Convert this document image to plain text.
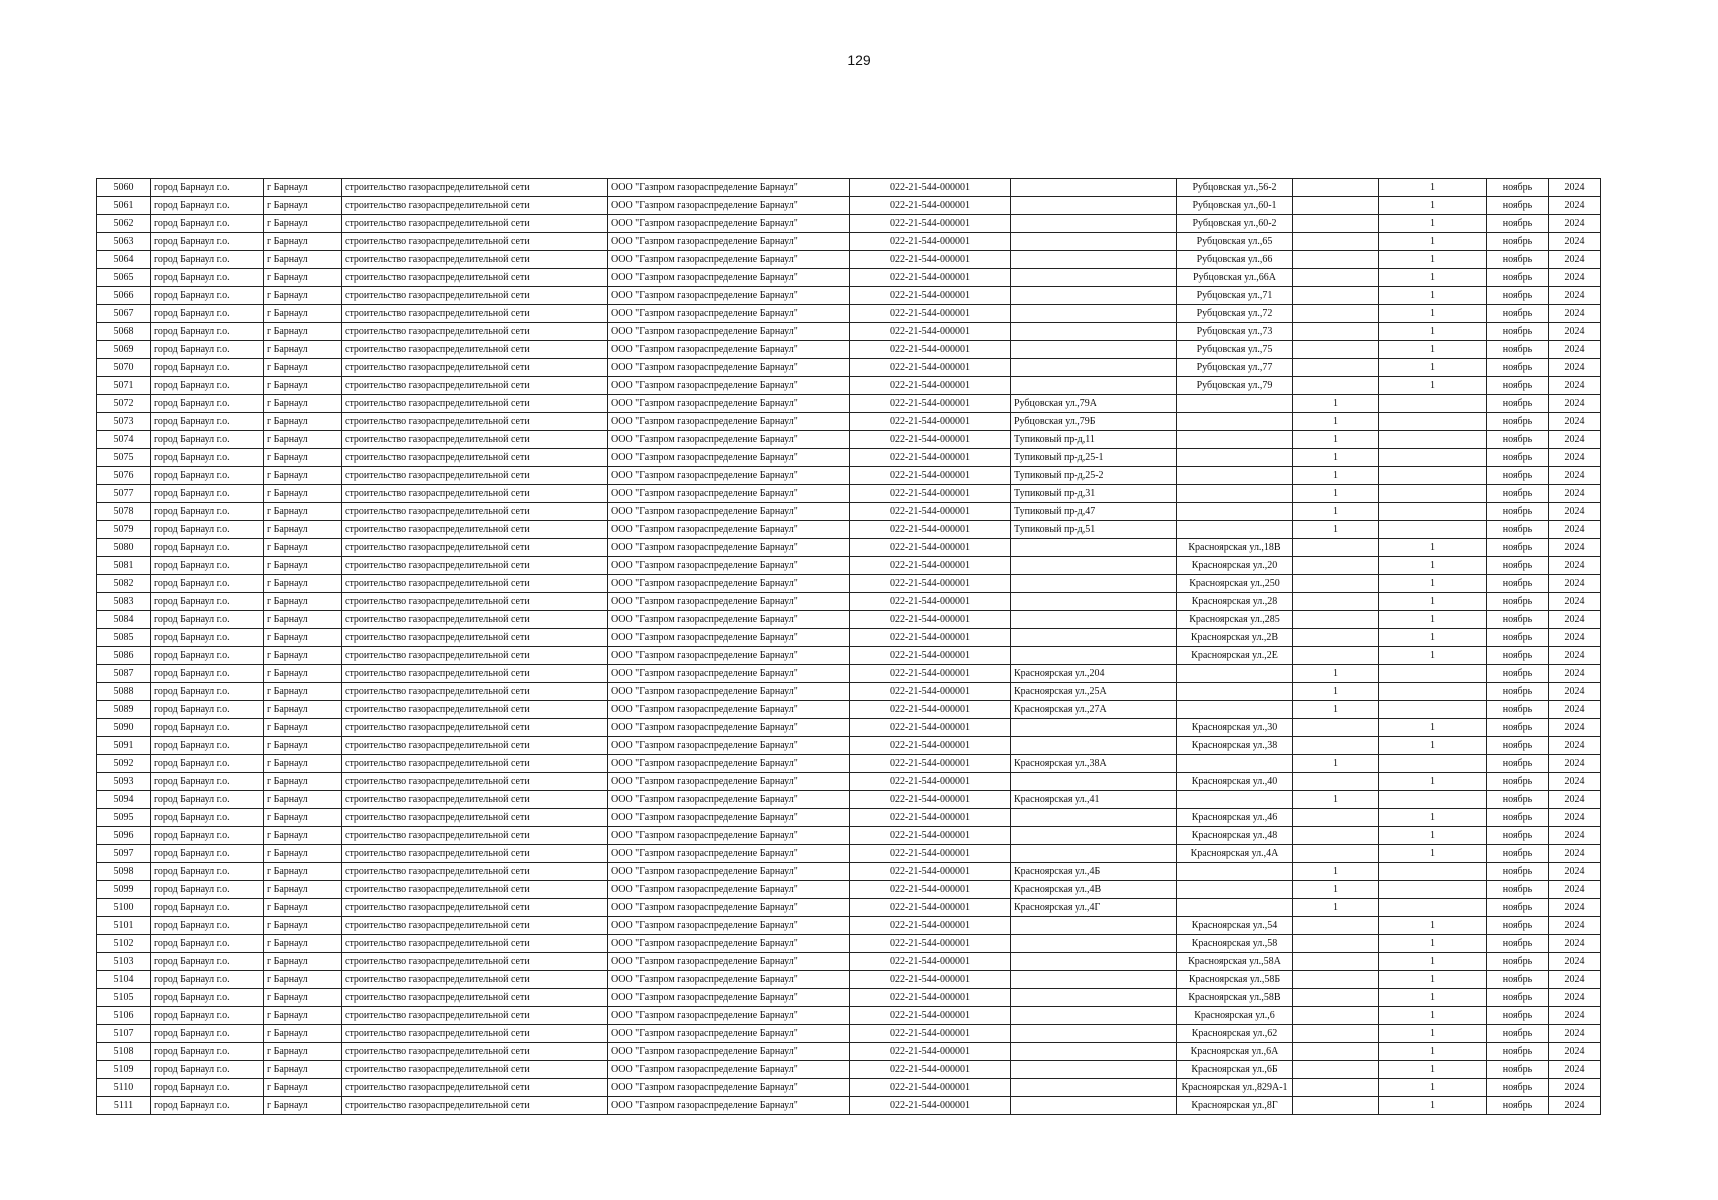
129
5060	город Барнаул г.о.	г Барнаул	строительство газораспределительной сети	ООО "Газпром газораспределение Барнаул"	022-21-544-000001		Рубцовская ул.,56-2		1	ноябрь	2024
5061	город Барнаул г.о.	г Барнаул	строительство газораспределительной сети	ООО "Газпром газораспределение Барнаул"	022-21-544-000001		Рубцовская ул.,60-1		1	ноябрь	2024
5062	город Барнаул г.о.	г Барнаул	строительство газораспределительной сети	ООО "Газпром газораспределение Барнаул"	022-21-544-000001		Рубцовская ул.,60-2		1	ноябрь	2024
5063	город Барнаул г.о.	г Барнаул	строительство газораспределительной сети	ООО "Газпром газораспределение Барнаул"	022-21-544-000001		Рубцовская ул.,65		1	ноябрь	2024
5064	город Барнаул г.о.	г Барнаул	строительство газораспределительной сети	ООО "Газпром газораспределение Барнаул"	022-21-544-000001		Рубцовская ул.,66		1	ноябрь	2024
5065	город Барнаул г.о.	г Барнаул	строительство газораспределительной сети	ООО "Газпром газораспределение Барнаул"	022-21-544-000001		Рубцовская ул.,66А		1	ноябрь	2024
5066	город Барнаул г.о.	г Барнаул	строительство газораспределительной сети	ООО "Газпром газораспределение Барнаул"	022-21-544-000001		Рубцовская ул.,71		1	ноябрь	2024
5067	город Барнаул г.о.	г Барнаул	строительство газораспределительной сети	ООО "Газпром газораспределение Барнаул"	022-21-544-000001		Рубцовская ул.,72		1	ноябрь	2024
5068	город Барнаул г.о.	г Барнаул	строительство газораспределительной сети	ООО "Газпром газораспределение Барнаул"	022-21-544-000001		Рубцовская ул.,73		1	ноябрь	2024
5069	город Барнаул г.о.	г Барнаул	строительство газораспределительной сети	ООО "Газпром газораспределение Барнаул"	022-21-544-000001		Рубцовская ул.,75		1	ноябрь	2024
5070	город Барнаул г.о.	г Барнаул	строительство газораспределительной сети	ООО "Газпром газораспределение Барнаул"	022-21-544-000001		Рубцовская ул.,77		1	ноябрь	2024
5071	город Барнаул г.о.	г Барнаул	строительство газораспределительной сети	ООО "Газпром газораспределение Барнаул"	022-21-544-000001		Рубцовская ул.,79		1	ноябрь	2024
5072	город Барнаул г.о.	г Барнаул	строительство газораспределительной сети	ООО "Газпром газораспределение Барнаул"	022-21-544-000001	Рубцовская ул.,79А		1		ноябрь	2024
5073	город Барнаул г.о.	г Барнаул	строительство газораспределительной сети	ООО "Газпром газораспределение Барнаул"	022-21-544-000001	Рубцовская ул.,79Б		1		ноябрь	2024
5074	город Барнаул г.о.	г Барнаул	строительство газораспределительной сети	ООО "Газпром газораспределение Барнаул"	022-21-544-000001	Тупиковый пр-д,11		1		ноябрь	2024
5075	город Барнаул г.о.	г Барнаул	строительство газораспределительной сети	ООО "Газпром газораспределение Барнаул"	022-21-544-000001	Тупиковый пр-д,25-1		1		ноябрь	2024
5076	город Барнаул г.о.	г Барнаул	строительство газораспределительной сети	ООО "Газпром газораспределение Барнаул"	022-21-544-000001	Тупиковый пр-д,25-2		1		ноябрь	2024
5077	город Барнаул г.о.	г Барнаул	строительство газораспределительной сети	ООО "Газпром газораспределение Барнаул"	022-21-544-000001	Тупиковый пр-д,31		1		ноябрь	2024
5078	город Барнаул г.о.	г Барнаул	строительство газораспределительной сети	ООО "Газпром газораспределение Барнаул"	022-21-544-000001	Тупиковый пр-д,47		1		ноябрь	2024
5079	город Барнаул г.о.	г Барнаул	строительство газораспределительной сети	ООО "Газпром газораспределение Барнаул"	022-21-544-000001	Тупиковый пр-д,51		1		ноябрь	2024
5080	город Барнаул г.о.	г Барнаул	строительство газораспределительной сети	ООО "Газпром газораспределение Барнаул"	022-21-544-000001		Красноярская ул.,18В		1	ноябрь	2024
5081	город Барнаул г.о.	г Барнаул	строительство газораспределительной сети	ООО "Газпром газораспределение Барнаул"	022-21-544-000001		Красноярская ул.,20		1	ноябрь	2024
5082	город Барнаул г.о.	г Барнаул	строительство газораспределительной сети	ООО "Газпром газораспределение Барнаул"	022-21-544-000001		Красноярская ул.,250		1	ноябрь	2024
5083	город Барнаул г.о.	г Барнаул	строительство газораспределительной сети	ООО "Газпром газораспределение Барнаул"	022-21-544-000001		Красноярская ул.,28		1	ноябрь	2024
5084	город Барнаул г.о.	г Барнаул	строительство газораспределительной сети	ООО "Газпром газораспределение Барнаул"	022-21-544-000001		Красноярская ул.,285		1	ноябрь	2024
5085	город Барнаул г.о.	г Барнаул	строительство газораспределительной сети	ООО "Газпром газораспределение Барнаул"	022-21-544-000001		Красноярская ул.,2В		1	ноябрь	2024
5086	город Барнаул г.о.	г Барнаул	строительство газораспределительной сети	ООО "Газпром газораспределение Барнаул"	022-21-544-000001		Красноярская ул.,2Е		1	ноябрь	2024
5087	город Барнаул г.о.	г Барнаул	строительство газораспределительной сети	ООО "Газпром газораспределение Барнаул"	022-21-544-000001	Красноярская ул.,204		1		ноябрь	2024
5088	город Барнаул г.о.	г Барнаул	строительство газораспределительной сети	ООО "Газпром газораспределение Барнаул"	022-21-544-000001	Красноярская ул.,25А		1		ноябрь	2024
5089	город Барнаул г.о.	г Барнаул	строительство газораспределительной сети	ООО "Газпром газораспределение Барнаул"	022-21-544-000001	Красноярская ул.,27А		1		ноябрь	2024
5090	город Барнаул г.о.	г Барнаул	строительство газораспределительной сети	ООО "Газпром газораспределение Барнаул"	022-21-544-000001		Красноярская ул.,30		1	ноябрь	2024
5091	город Барнаул г.о.	г Барнаул	строительство газораспределительной сети	ООО "Газпром газораспределение Барнаул"	022-21-544-000001		Красноярская ул.,38		1	ноябрь	2024
5092	город Барнаул г.о.	г Барнаул	строительство газораспределительной сети	ООО "Газпром газораспределение Барнаул"	022-21-544-000001	Красноярская ул.,38А		1		ноябрь	2024
5093	город Барнаул г.о.	г Барнаул	строительство газораспределительной сети	ООО "Газпром газораспределение Барнаул"	022-21-544-000001		Красноярская ул.,40		1	ноябрь	2024
5094	город Барнаул г.о.	г Барнаул	строительство газораспределительной сети	ООО "Газпром газораспределение Барнаул"	022-21-544-000001	Красноярская ул.,41		1		ноябрь	2024
5095	город Барнаул г.о.	г Барнаул	строительство газораспределительной сети	ООО "Газпром газораспределение Барнаул"	022-21-544-000001		Красноярская ул.,46		1	ноябрь	2024
5096	город Барнаул г.о.	г Барнаул	строительство газораспределительной сети	ООО "Газпром газораспределение Барнаул"	022-21-544-000001		Красноярская ул.,48		1	ноябрь	2024
5097	город Барнаул г.о.	г Барнаул	строительство газораспределительной сети	ООО "Газпром газораспределение Барнаул"	022-21-544-000001		Красноярская ул.,4А		1	ноябрь	2024
5098	город Барнаул г.о.	г Барнаул	строительство газораспределительной сети	ООО "Газпром газораспределение Барнаул"	022-21-544-000001	Красноярская ул.,4Б		1		ноябрь	2024
5099	город Барнаул г.о.	г Барнаул	строительство газораспределительной сети	ООО "Газпром газораспределение Барнаул"	022-21-544-000001	Красноярская ул.,4В		1		ноябрь	2024
5100	город Барнаул г.о.	г Барнаул	строительство газораспределительной сети	ООО "Газпром газораспределение Барнаул"	022-21-544-000001	Красноярская ул.,4Г		1		ноябрь	2024
5101	город Барнаул г.о.	г Барнаул	строительство газораспределительной сети	ООО "Газпром газораспределение Барнаул"	022-21-544-000001		Красноярская ул.,54		1	ноябрь	2024
5102	город Барнаул г.о.	г Барнаул	строительство газораспределительной сети	ООО "Газпром газораспределение Барнаул"	022-21-544-000001		Красноярская ул.,58		1	ноябрь	2024
5103	город Барнаул г.о.	г Барнаул	строительство газораспределительной сети	ООО "Газпром газораспределение Барнаул"	022-21-544-000001		Красноярская ул.,58А		1	ноябрь	2024
5104	город Барнаул г.о.	г Барнаул	строительство газораспределительной сети	ООО "Газпром газораспределение Барнаул"	022-21-544-000001		Красноярская ул.,58Б		1	ноябрь	2024
5105	город Барнаул г.о.	г Барнаул	строительство газораспределительной сети	ООО "Газпром газораспределение Барнаул"	022-21-544-000001		Красноярская ул.,58В		1	ноябрь	2024
5106	город Барнаул г.о.	г Барнаул	строительство газораспределительной сети	ООО "Газпром газораспределение Барнаул"	022-21-544-000001		Красноярская ул.,6		1	ноябрь	2024
5107	город Барнаул г.о.	г Барнаул	строительство газораспределительной сети	ООО "Газпром газораспределение Барнаул"	022-21-544-000001		Красноярская ул.,62		1	ноябрь	2024
5108	город Барнаул г.о.	г Барнаул	строительство газораспределительной сети	ООО "Газпром газораспределение Барнаул"	022-21-544-000001		Красноярская ул.,6А		1	ноябрь	2024
5109	город Барнаул г.о.	г Барнаул	строительство газораспределительной сети	ООО "Газпром газораспределение Барнаул"	022-21-544-000001		Красноярская ул.,6Б		1	ноябрь	2024
5110	город Барнаул г.о.	г Барнаул	строительство газораспределительной сети	ООО "Газпром газораспределение Барнаул"	022-21-544-000001		Красноярская ул.,829А-1		1	ноябрь	2024
5111	город Барнаул г.о.	г Барнаул	строительство газораспределительной сети	ООО "Газпром газораспределение Барнаул"	022-21-544-000001		Красноярская ул.,8Г		1	ноябрь	2024
